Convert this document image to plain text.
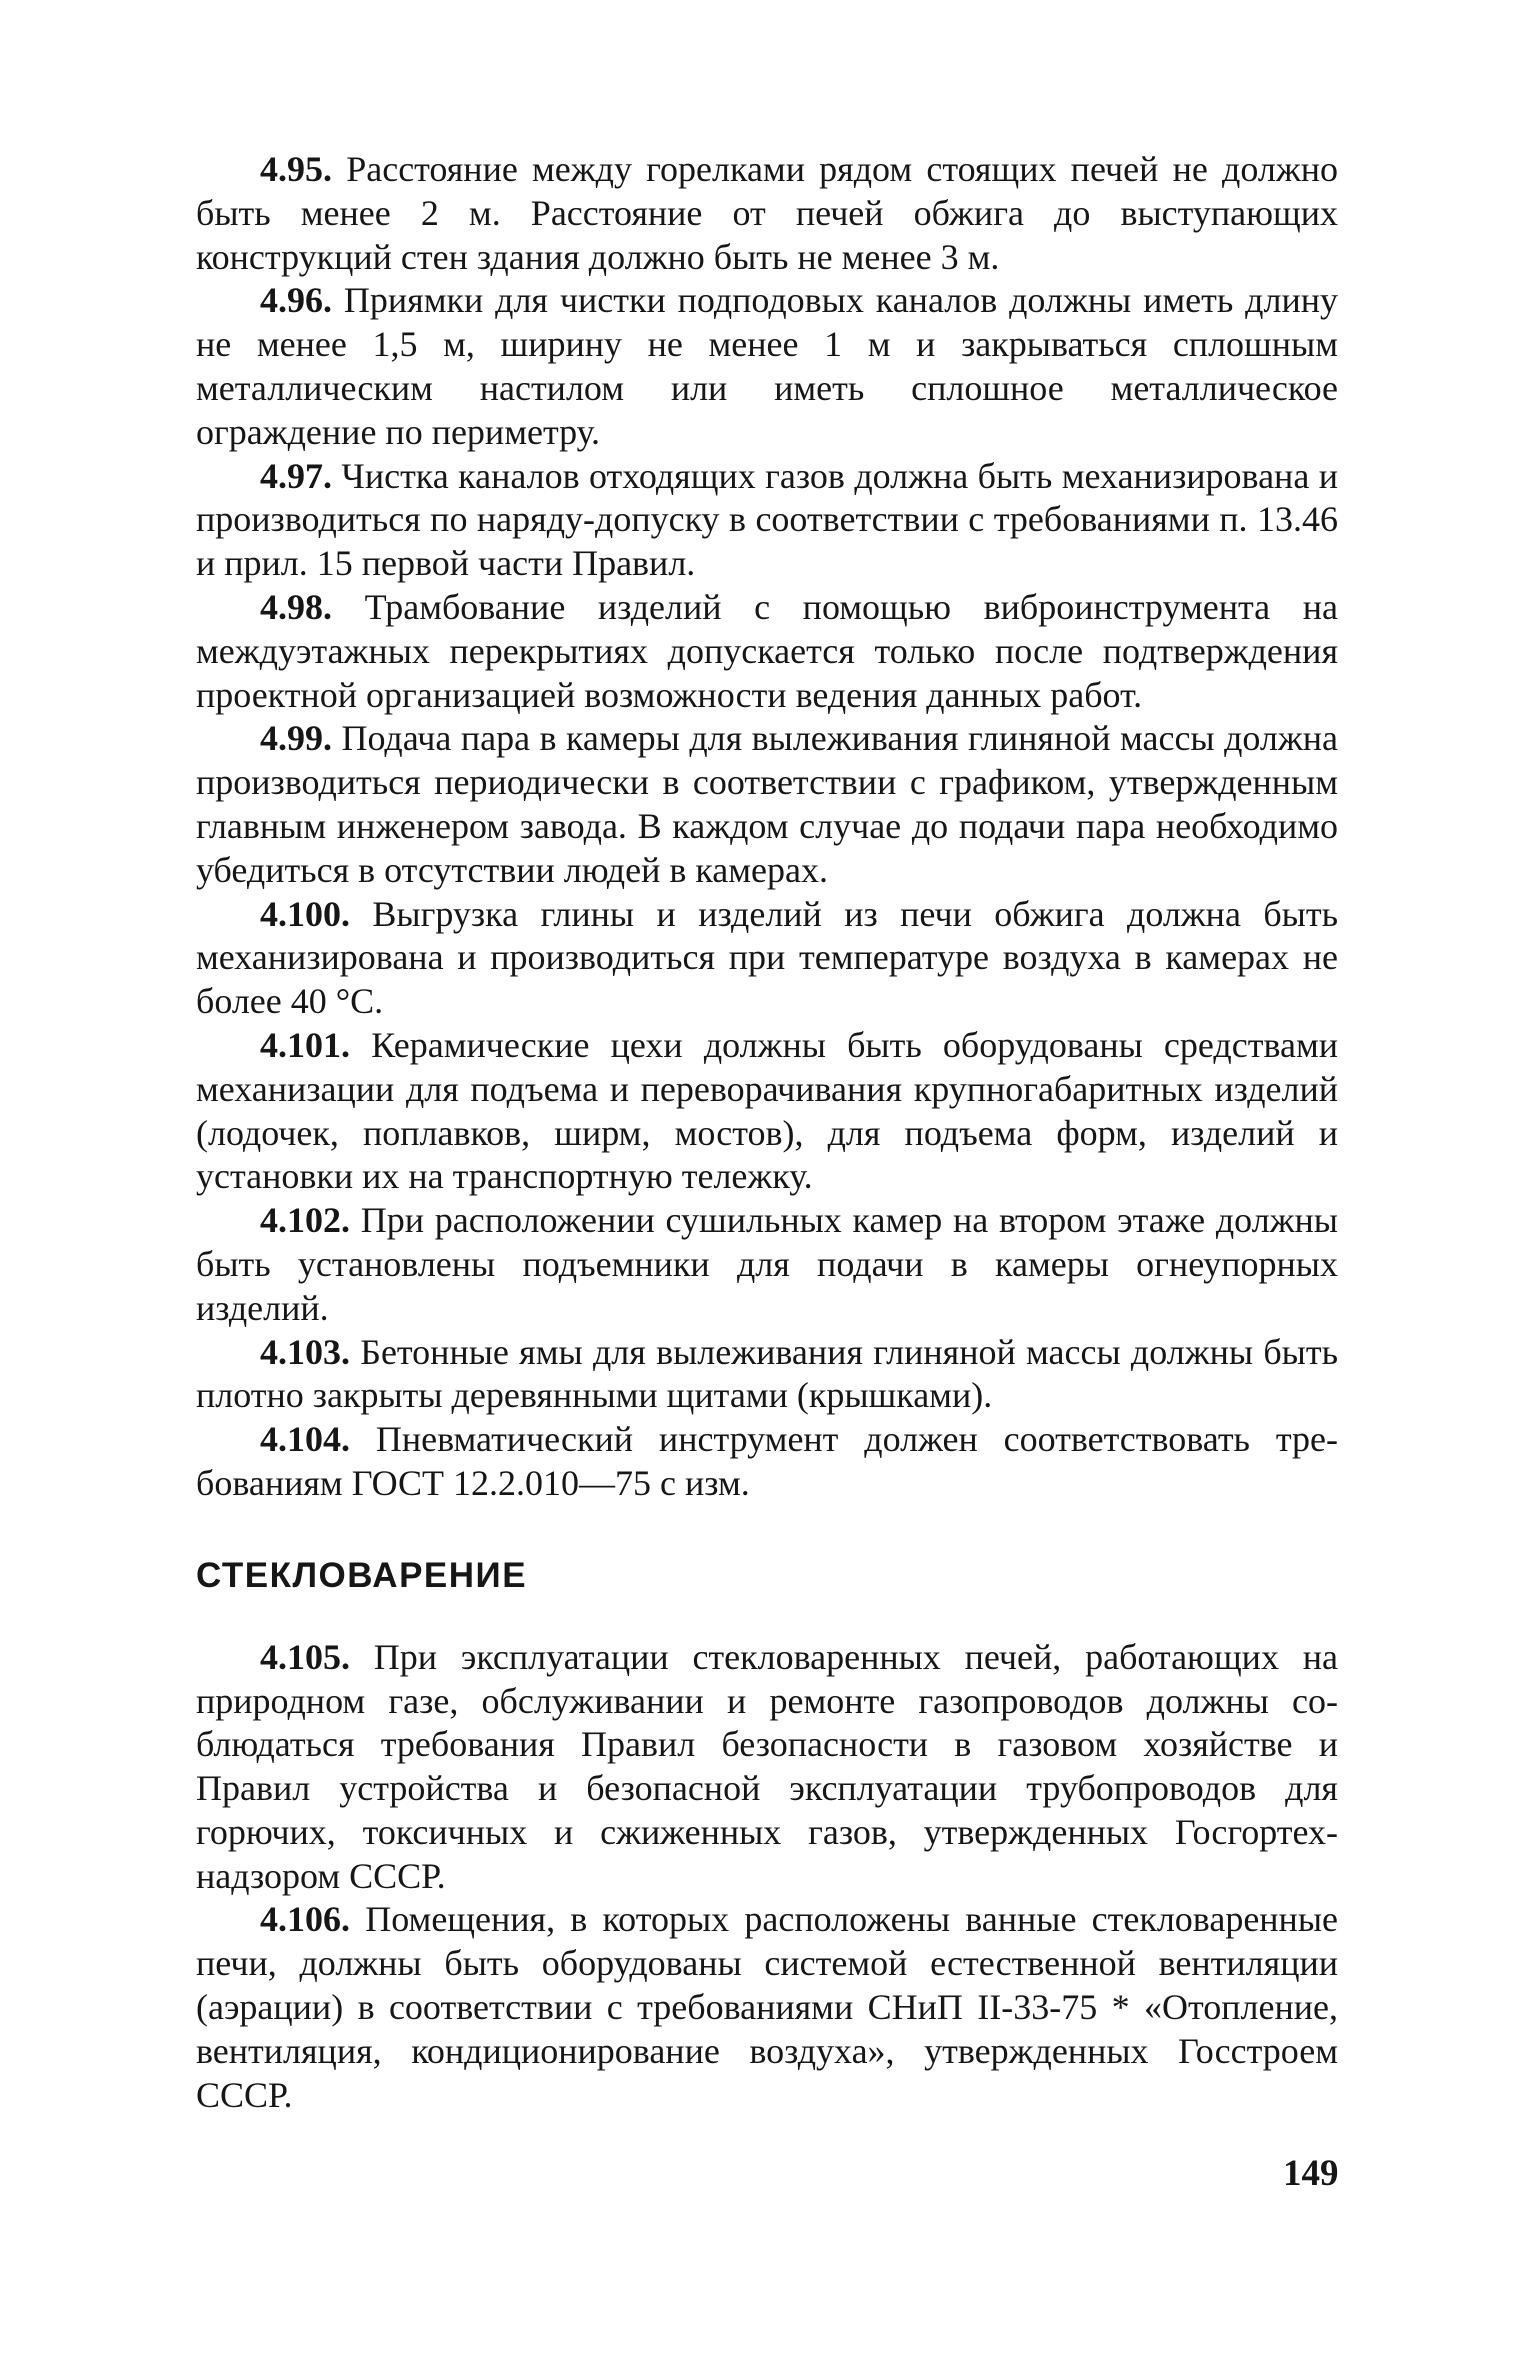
4.95. Расстояние между горелками рядом стоящих печей не должно быть менее 2 м. Расстояние от печей обжига до выступающих конструкций стен здания должно быть не менее 3 м.

4.96. Приямки для чистки подподовых каналов должны иметь длину не менее 1,5 м, ширину не менее 1 м и закрываться сплошным металлическим настилом или иметь сплошное металлическое ограждение по периметру.

4.97. Чистка каналов отходящих газов должна быть механизирована и производиться по наряду-допуску в соответствии с требованиями п. 13.46 и прил. 15 первой части Правил.

4.98. Трамбование изделий с помощью виброинструмента на междуэтажных перекрытиях допускается только после подтверждения проектной организацией возможности ведения данных работ.

4.99. Подача пара в камеры для вылеживания глиняной массы должна производиться периодически в соответствии с графиком, утвержденным главным инженером завода. В каждом случае до подачи пара необходимо убедиться в отсутствии людей в камерах.

4.100. Выгрузка глины и изделий из печи обжига должна быть механизирована и производиться при температуре воздуха в камерах не более 40 °С.

4.101. Керамические цехи должны быть оборудованы средствами механизации для подъема и переворачивания крупногабаритных изделий (лодочек, поплавков, ширм, мостов), для подъема форм, изделий и установки их на транспортную тележку.

4.102. При расположении сушильных камер на втором этаже должны быть установлены подъемники для подачи в камеры огнеупорных изделий.

4.103. Бетонные ямы для вылеживания глиняной массы должны быть плотно закрыты деревянными щитами (крышками).

4.104. Пневматический инструмент должен соответствовать требованиям ГОСТ 12.2.010—75 с изм.

СТЕКЛОВАРЕНИЕ

4.105. При эксплуатации стекловаренных печей, работающих на природном газе, обслуживании и ремонте газопроводов должны соблюдаться требования Правил безопасности в газовом хозяйстве и Правил устройства и безопасной эксплуатации трубопроводов для горючих, токсичных и сжиженных газов, утвержденных Госгортехнадзором СССР.

4.106. Помещения, в которых расположены ванные стекловаренные печи, должны быть оборудованы системой естественной вентиляции (аэрации) в соответствии с требованиями СНиП II-33-75 * «Отопление, вентиляция, кондиционирование воздуха», утвержденных Госстроем СССР.

149
